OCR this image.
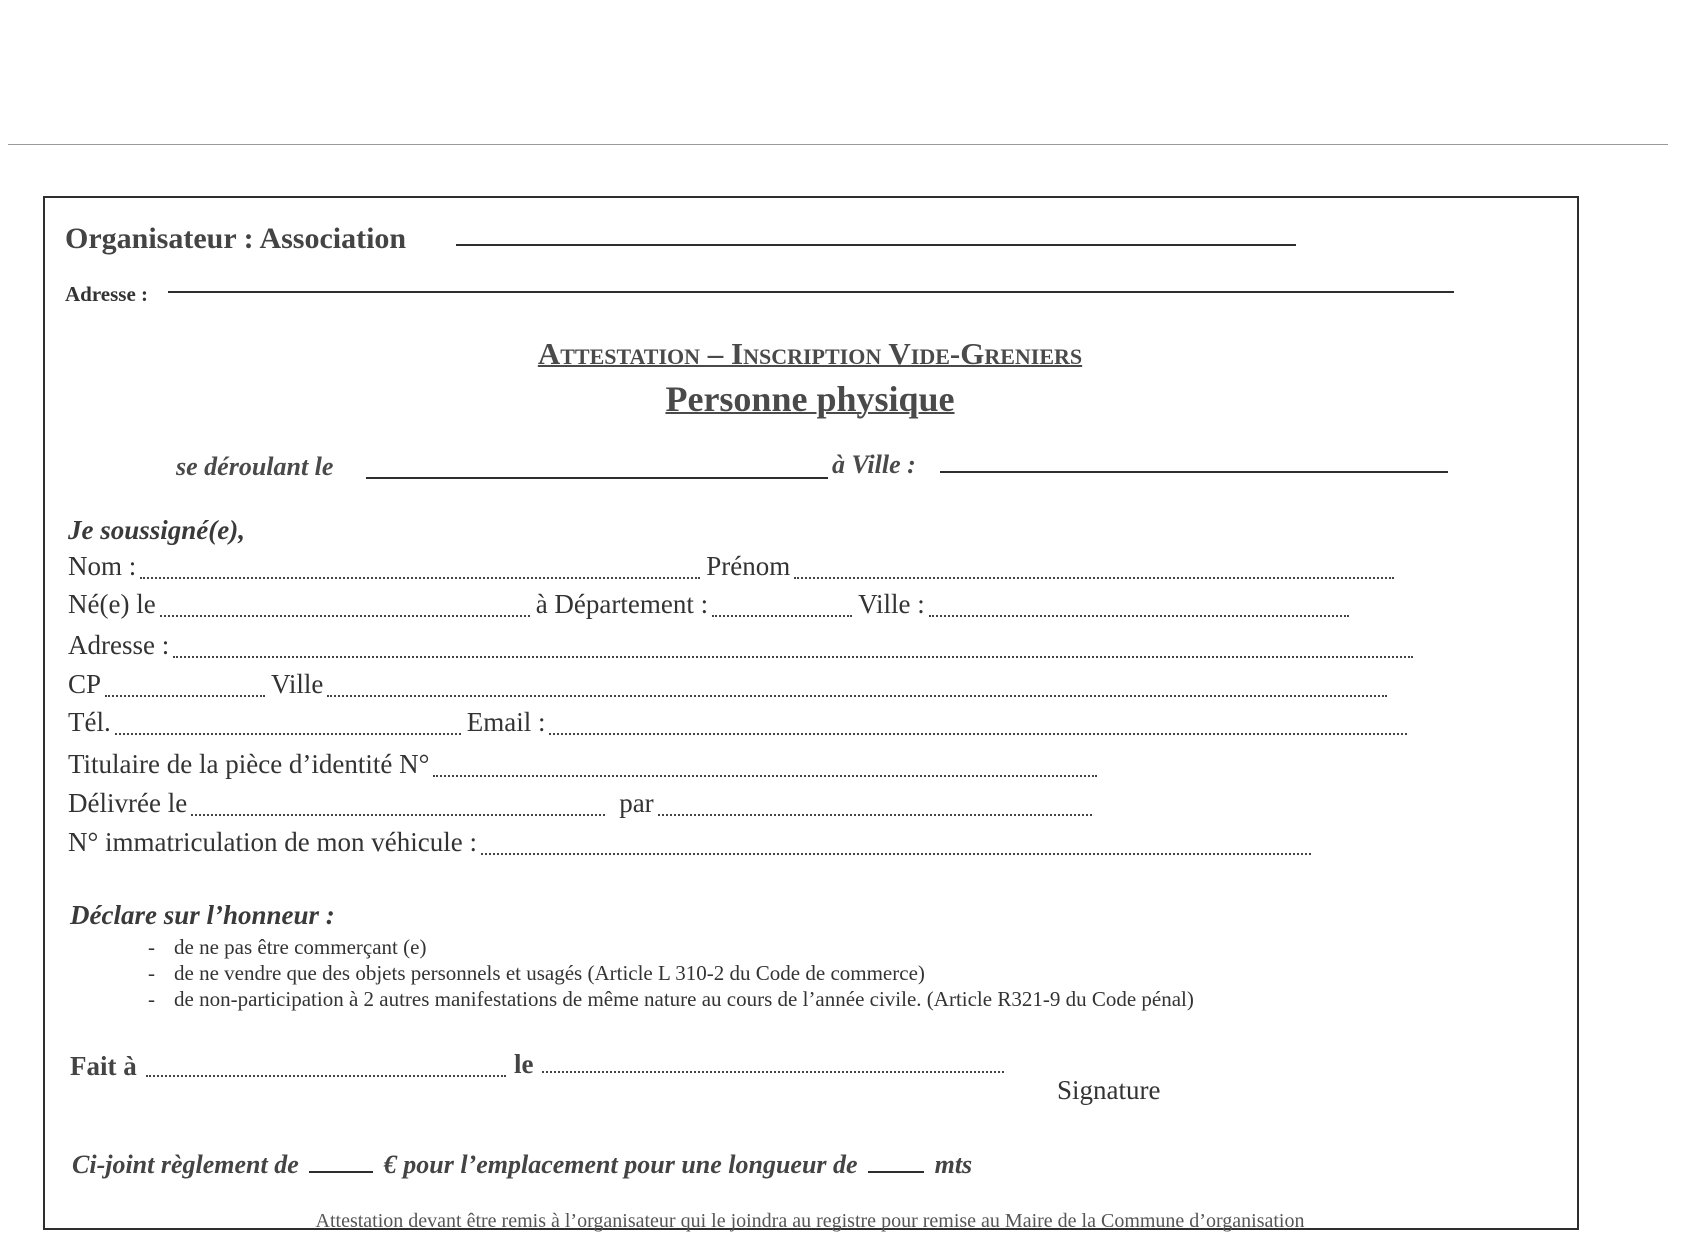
Organisateur : Association
Adresse :
Attestation – Inscription Vide-Greniers
Personne physique
se déroulant le	à Ville :
Je soussigné(e),
Nom :	Prénom
Né(e) le	à Département :	Ville :
Adresse :
CP	Ville
Tél.	Email :
Titulaire de la pièce d’identité N°
Délivrée le	par
N° immatriculation de mon véhicule :
Déclare sur l’honneur :
- de ne pas être commerçant (e)
- de ne vendre que des objets personnels et usagés (Article L 310-2 du Code de commerce)
- de non-participation à 2 autres manifestations de même nature au cours de l’année civile. (Article R321-9 du Code pénal)
Fait à	le
Signature
Ci-joint règlement de	€ pour l’emplacement pour une longueur de	mts
Attestation devant être remis à l’organisateur qui le joindra au registre pour remise au Maire de la Commune d’organisation
